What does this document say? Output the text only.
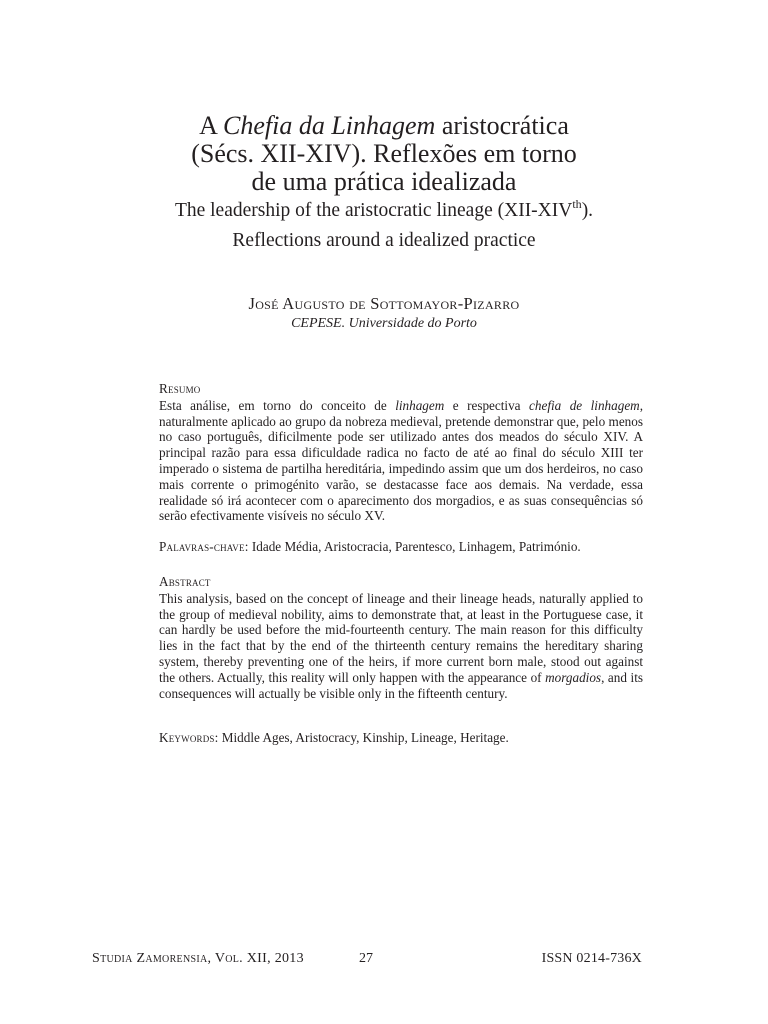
A Chefia da Linhagem aristocrática

(Sécs. XII-XIV). Reflexões em torno

de uma prática idealizada

The leadership of the aristocratic lineage (XII-XIVth).

Reflections around a idealized practice

José Augusto de Sottomayor-Pizarro
CEPESE. Universidade do Porto
Resumo

Esta análise, em torno do conceito de linhagem e respectiva chefia de linhagem, naturalmente aplicado ao grupo da nobreza medieval, pretende demonstrar que, pelo menos no caso português, dificilmente pode ser utilizado antes dos meados do século XIV. A principal razão para essa dificuldade radica no facto de até ao final do século XIII ter imperado o sistema de partilha hereditária, impedindo assim que um dos herdeiros, no caso mais corrente o primogénito varão, se destacasse face aos demais. Na verdade, essa realidade só irá acontecer com o aparecimento dos morgadios, e as suas consequências só serão efectivamente visíveis no século XV.

Palavras-chave: Idade Média, Aristocracia, Parentesco, Linhagem, Património.

Abstract

This analysis, based on the concept of lineage and their lineage heads, naturally applied to the group of medieval nobility, aims to demonstrate that, at least in the Portuguese case, it can hardly be used before the mid-fourteenth century. The main reason for this difficulty lies in the fact that by the end of the thirteenth century remains the hereditary sharing system, thereby preventing one of the heirs, if more current born male, stood out against the others. Actually, this reality will only happen with the appearance of morgadios, and its consequences will actually be visible only in the fifteenth century.

Keywords: Middle Ages, Aristocracy, Kinship, Lineage, Heritage.

Studia Zamorensia, Vol. XII, 2013	27	ISSN 0214-736X
